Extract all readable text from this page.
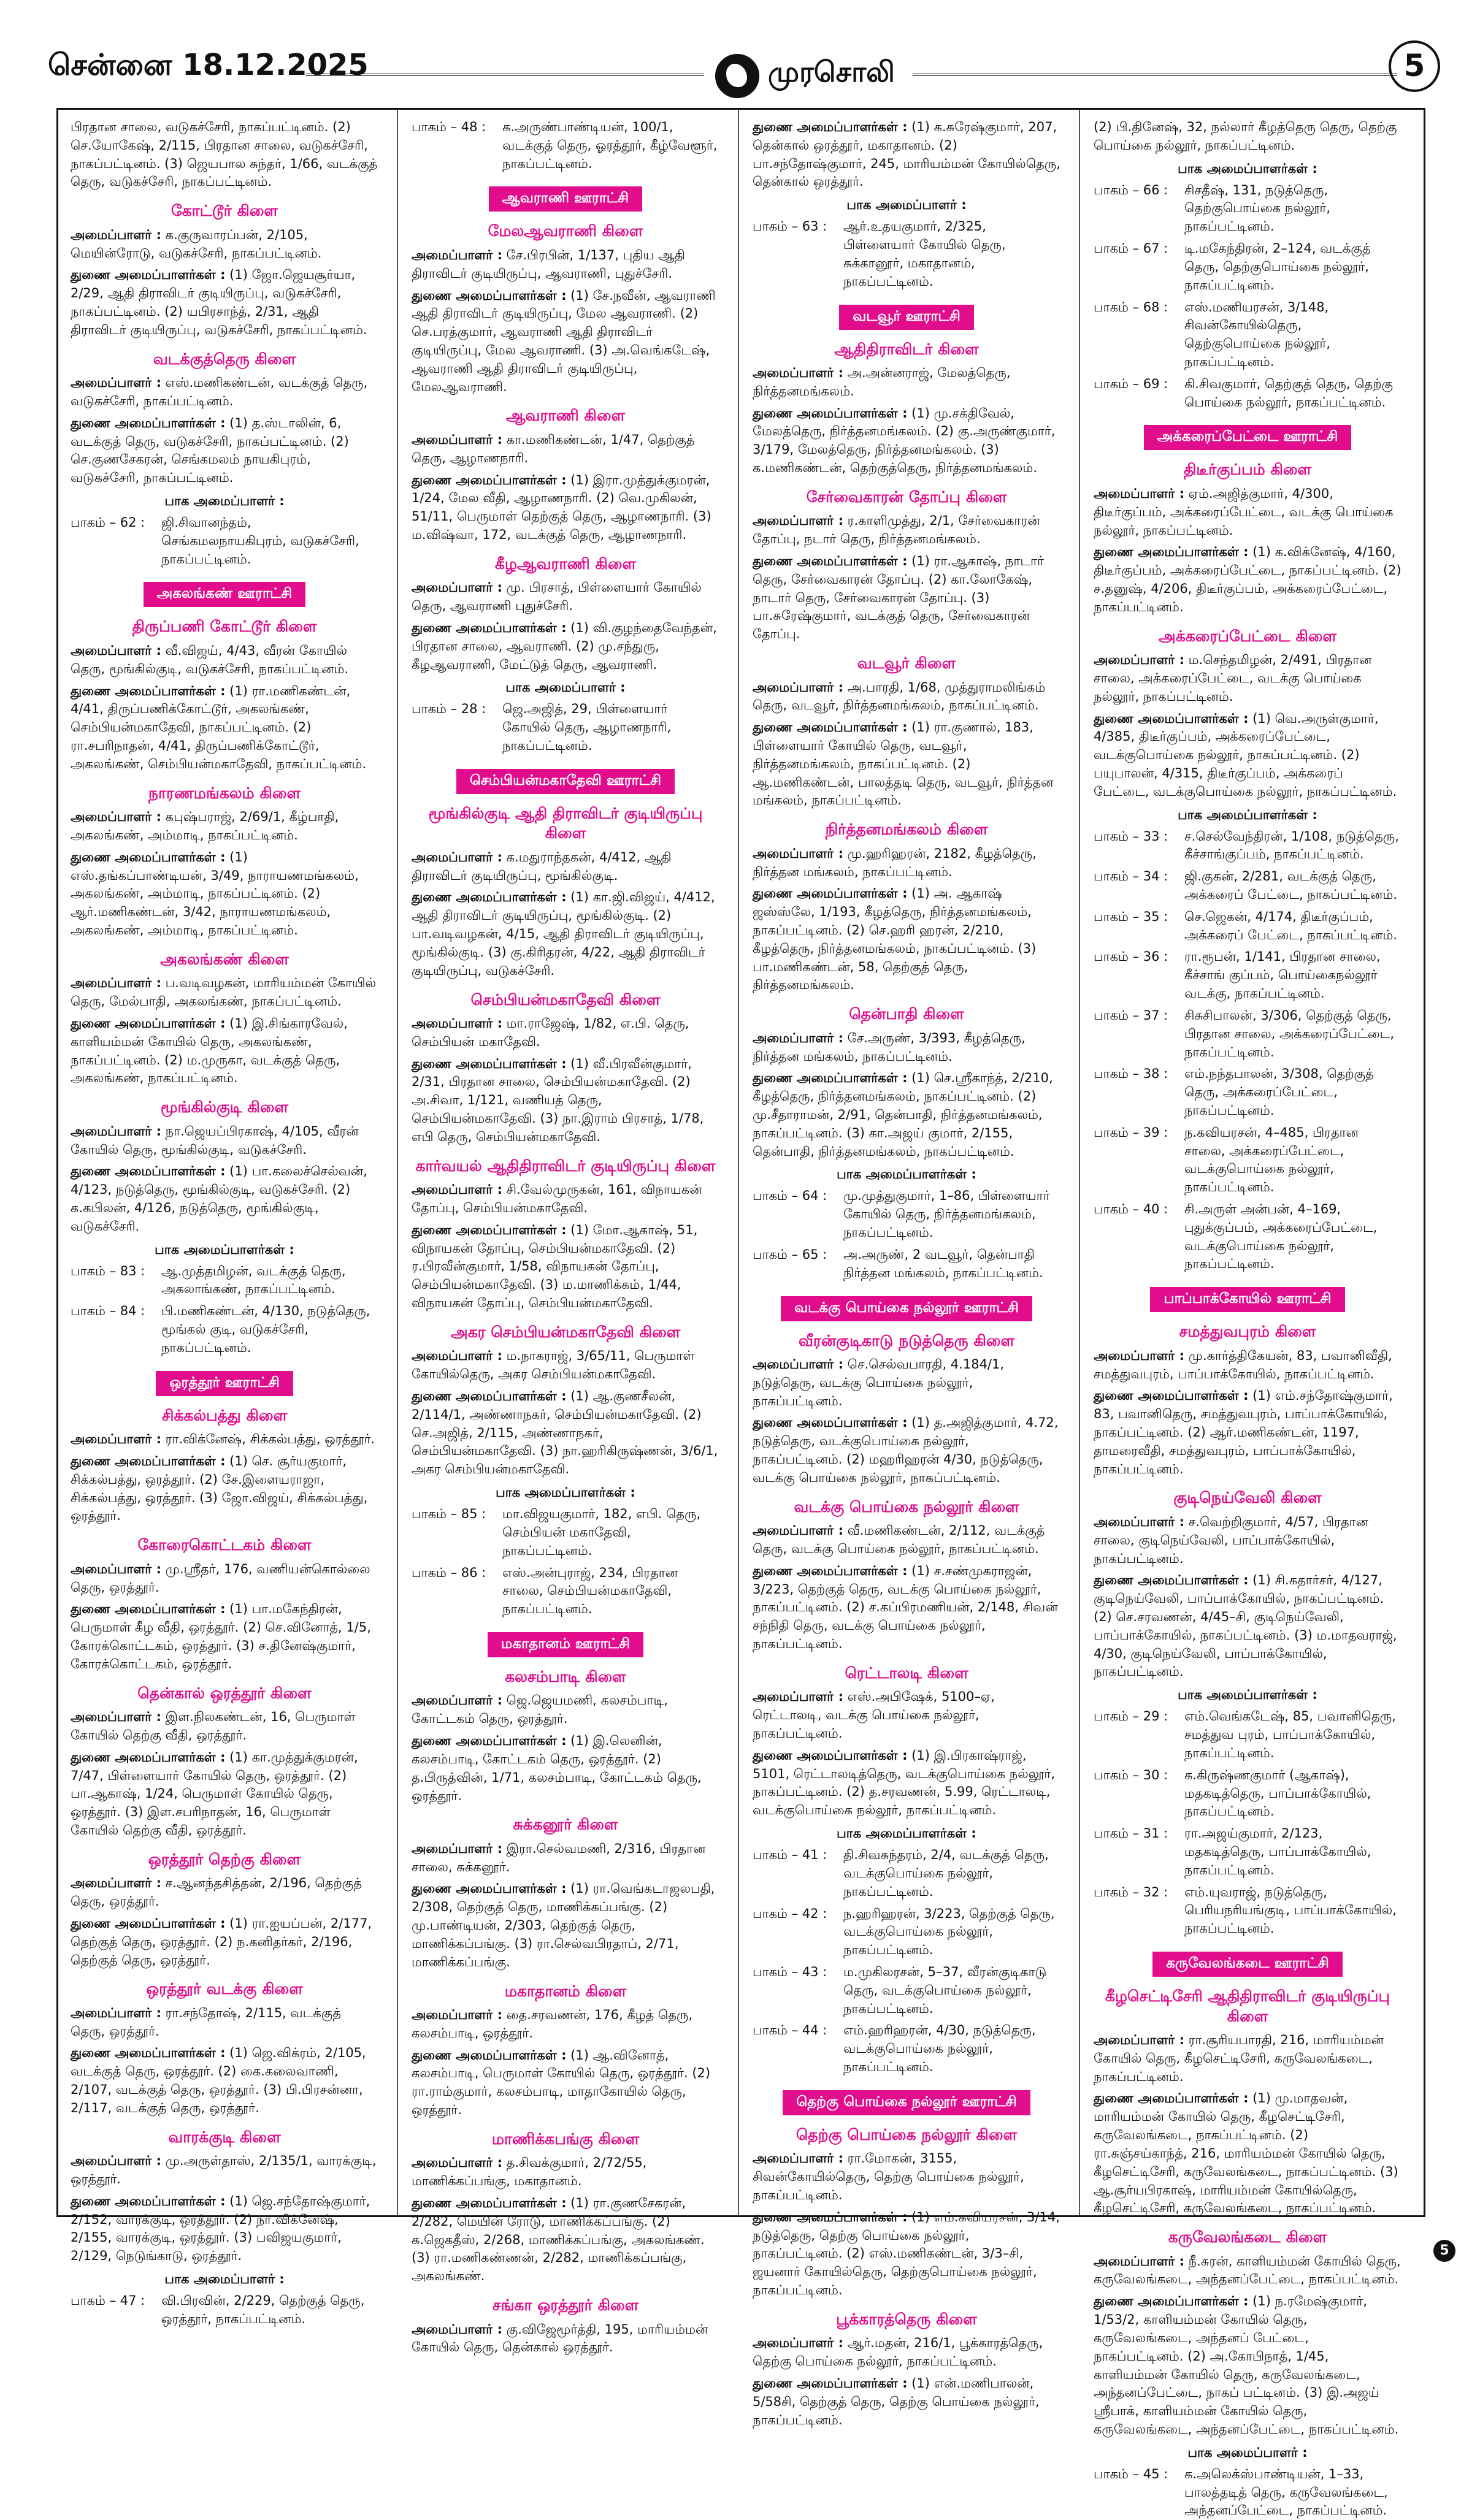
சென்னை 18.12.2025	முரசொலி	5

பிரதான சாலை, வடுகச்சேரி, நாகப்பட்டினம். (2) செ.யோகேஷ், 2/115, பிரதான சாலை, வடுகச்சேரி, நாகப்பட்டினம். (3) ஜெயபால சுந்தர், 1/66, வடக்குத் தெரு, வடுகச்சேரி, நாகப்பட்டினம்.

கோட்டூர் கிளை

அமைப்பாளர் : க.குருவாரப்பன், 2/105, மெயின்ரோடு, வடுகச்சேரி, நாகப்பட்டினம்.

துணை அமைப்பாளர்கள் : (1) ஜோ.ஜெயசூர்யா, 2/29, ஆதி திராவிடர் குடியிருப்பு, வடுகச்சேரி, நாகப்பட்டினம். (2) யபிரசாந்த், 2/31, ஆதி திராவிடர் குடியிருப்பு, வடுகச்சேரி, நாகப்பட்டினம்.

வடக்குத்தெரு கிளை

அமைப்பாளர் : எஸ்.மணிகண்டன், வடக்குத் தெரு, வடுகச்சேரி, நாகப்பட்டினம்.

துணை அமைப்பாளர்கள் : (1) த.ஸ்டாலின், 6, வடக்குத் தெரு, வடுகச்சேரி, நாகப்பட்டினம். (2) செ.குணசேகரன், செங்கமலம் நாயகிபுரம், வடுகச்சேரி, நாகப்பட்டினம்.

பாக அமைப்பாளர் :
பாகம் – 62 :	ஜி.சிவானந்தம், செங்கமலநாயகிபுரம், வடுகச்சேரி, நாகப்பட்டினம்.
அகலங்கண் ஊராட்சி
திருப்பணி கோட்டூர் கிளை

அமைப்பாளர் : வீ.விஜய், 4/43, வீரன் கோயில் தெரு, மூங்கில்குடி, வடுகச்சேரி, நாகப்பட்டினம்.

துணை அமைப்பாளர்கள் : (1) ரா.மணிகண்டன், 4/41, திருப்பணிக்கோட்டூர், அகலங்கண், செம்பியன்மகாதேவி, நாகப்பட்டினம். (2) ரா.சபரிநாதன், 4/41, திருப்பணிக்கோட்டூர், அகலங்கண், செம்பியன்மகாதேவி, நாகப்பட்டினம்.

நாரணமங்கலம் கிளை

அமைப்பாளர் : கபுஷ்பராஜ், 2/69/1, கீழ்பாதி, அகலங்கண், அம்மாடி, நாகப்பட்டினம்.

துணை அமைப்பாளர்கள் : (1) எஸ்.தங்கப்பாண்டியன், 3/49, நாராயணமங்கலம், அகலங்கண், அம்மாடி, நாகப்பட்டினம். (2) ஆர்.மணிகண்டன், 3/42, நாராயணமங்கலம், அகலங்கண், அம்மாடி, நாகப்பட்டினம்.

அகலங்கண் கிளை

அமைப்பாளர் : ப.வடிவழகன், மாரியம்மன் கோயில் தெரு, மேல்பாதி, அகலங்கண், நாகப்பட்டினம்.

துணை அமைப்பாளர்கள் : (1) இ.சிங்காரவேல், காளியம்மன் கோயில் தெரு, அகலங்கண், நாகப்பட்டினம். (2) ம.முருகா, வடக்குத் தெரு, அகலங்கண், நாகப்பட்டினம்.

மூங்கில்குடி கிளை

அமைப்பாளர் : நா.ஜெயப்பிரகாஷ், 4/105, வீரன் கோயில் தெரு, மூங்கில்குடி, வடுகச்சேரி.

துணை அமைப்பாளர்கள் : (1) பா.கலைச்செல்வன், 4/123, நடுத்தெரு, மூங்கில்குடி, வடுகச்சேரி. (2) க.கபிலன், 4/126, நடுத்தெரு, மூங்கில்குடி, வடுகச்சேரி.

பாக அமைப்பாளர்கள் :
பாகம் – 83 :	ஆ.முத்தமிழன், வடக்குத் தெரு, அகலாங்கண், நாகப்பட்டினம்.
பாகம் – 84 :	பி.மணிகண்டன், 4/130, நடுத்தெரு, மூங்கல் குடி, வடுகச்சேரி, நாகப்பட்டினம்.
ஒரத்தூர் ஊராட்சி
சிக்கல்பத்து கிளை

அமைப்பாளர் : ரா.விக்னேஷ், சிக்கல்பத்து, ஒரத்தூர்.

துணை அமைப்பாளர்கள் : (1) செ. சூர்யகுமார், சிக்கல்பத்து, ஒரத்தூர். (2) சே.இளையராஜா, சிக்கல்பத்து, ஒரத்தூர். (3) ஜோ.விஜய், சிக்கல்பத்து, ஒரத்தூர்.

கோரைகொட்டகம் கிளை

அமைப்பாளர் : மு.ஸ்ரீதர், 176, வணியன்கொல்லை தெரு, ஒரத்தூர்.

துணை அமைப்பாளர்கள் : (1) பா.மகேந்திரன், பெருமாள் கீழ வீதி, ஒரத்தூர். (2) செ.வினோத், 1/5, கோரக்கொட்டகம், ஒரத்தூர். (3) ச.தினேஷ்குமார், கோரக்கொட்டகம், ஒரத்தூர்.

தென்கால் ஒரத்தூர் கிளை

அமைப்பாளர் : இள.நிலகண்டன், 16, பெருமாள் கோயில் தெற்கு வீதி, ஒரத்தூர்.

துணை அமைப்பாளர்கள் : (1) கா.முத்துக்குமரன், 7/47, பிள்ளையார் கோயில் தெரு, ஒரத்தூர். (2) பா.ஆகாஷ், 1/24, பெருமாள் கோயில் தெரு, ஒரத்தூர். (3) இள.சபரிநாதன், 16, பெருமாள் கோயில் தெற்கு வீதி, ஒரத்தூர்.

ஒரத்தூர் தெற்கு கிளை

அமைப்பாளர் : ச.ஆனந்தசித்தன், 2/196, தெற்குத் தெரு, ஒரத்தூர்.

துணை அமைப்பாளர்கள் : (1) ரா.ஐயப்பன், 2/177, தெற்குத் தெரு, ஒரத்தூர். (2) ந.கனிதர்கர், 2/196, தெற்குத் தெரு, ஒரத்தூர்.

ஒரத்தூர் வடக்கு கிளை

அமைப்பாளர் : ரா.சந்தோஷ், 2/115, வடக்குத் தெரு, ஒரத்தூர்.

துணை அமைப்பாளர்கள் : (1) ஜெ.விக்ரம், 2/105, வடக்குத் தெரு, ஒரத்தூர். (2) கை.கலைவாணி, 2/107, வடக்குத் தெரு, ஒரத்தூர். (3) பி.பிரசன்னா, 2/117, வடக்குத் தெரு, ஒரத்தூர்.

வாரக்குடி கிளை

அமைப்பாளர் : மு.அருள்தாஸ், 2/135/1, வாரக்குடி, ஒரத்தூர்.

துணை அமைப்பாளர்கள் : (1) ஜெ.சந்தோஷ்குமார், 2/152, வாரக்குடி, ஒரத்தூர். (2) நா.விக்னேஷ், 2/155, வாரக்குடி, ஒரத்தூர். (3) பவிஜயகுமார், 2/129, நெடுங்காடு, ஒரத்தூர்.

பாக அமைப்பாளர் :
பாகம் – 47 :	வி.பிரவின், 2/229, தெற்குத் தெரு, ஒரத்தூர், நாகப்பட்டினம்.
பாகம் – 48 :	க.அருண்பாண்டியன், 100/1, வடக்குத் தெரு, ஓரத்தூர், கீழ்வேளூர், நாகப்பட்டினம்.
ஆவராணி ஊராட்சி
மேலஆவராணி கிளை

அமைப்பாளர் : சே.பிரபின், 1/137, புதிய ஆதி திராவிடர் குடியிருப்பு, ஆவராணி, புதுச்சேரி.

துணை அமைப்பாளர்கள் : (1) சே.நவீன், ஆவராணி ஆதி திராவிடர் குடியிருப்பு, மேல ஆவராணி. (2) செ.பரத்குமார், ஆவராணி ஆதி திராவிடர் குடியிருப்பு, மேல ஆவராணி. (3) அ.வெங்கடேஷ், ஆவராணி ஆதி திராவிடர் குடியிருப்பு, மேலஆவராணி.

ஆவராணி கிளை

அமைப்பாளர் : கா.மணிகண்டன், 1/47, தெற்குத் தெரு, ஆழாணநாரி.

துணை அமைப்பாளர்கள் : (1) இரா.முத்துக்குமரன், 1/24, மேல வீதி, ஆழாணநாரி. (2) வெ.முகிலன், 51/11, பெருமாள் தெற்குத் தெரு, ஆழாணநாரி. (3) ம.விஷ்வா, 172, வடக்குத் தெரு, ஆழாணநாரி.

கீழஆவராணி கிளை

அமைப்பாளர் : மு. பிரசாத், பிள்ளையார் கோயில் தெரு, ஆவராணி புதுச்சேரி.

துணை அமைப்பாளர்கள் : (1) வி.குழந்தைவேந்தன், பிரதான சாலை, ஆவராணி. (2) மு.சந்துரு, கீழஆவராணி, மேட்டுத் தெரு, ஆவராணி.

பாக அமைப்பாளர் :
பாகம் – 28 :	ஜெ.அஜித், 29, பிள்ளையார் கோயில் தெரு, ஆழாணநாரி, நாகப்பட்டினம்.
செம்பியன்மகாதேவி ஊராட்சி
மூங்கில்குடி ஆதி திராவிடர் குடியிருப்பு கிளை

அமைப்பாளர் : க.மதுராந்தகன், 4/412, ஆதி திராவிடர் குடியிருப்பு, மூங்கில்குடி.

துணை அமைப்பாளர்கள் : (1) கா.ஜி.விஜய், 4/412, ஆதி திராவிடர் குடியிருப்பு, மூங்கில்குடி. (2) பா.வடிவழகன், 4/15, ஆதி திராவிடர் குடியிருப்பு, மூங்கில்குடி. (3) கு.கிரிதரன், 4/22, ஆதி திராவிடர் குடியிருப்பு, வடுகச்சேரி.

செம்பியன்மகாதேவி கிளை

அமைப்பாளர் : மா.ராஜேஷ், 1/82, எ.பி. தெரு, செம்பியன் மகாதேவி.

துணை அமைப்பாளர்கள் : (1) வீ.பிரவீன்குமார், 2/31, பிரதான சாலை, செம்பியன்மகாதேவி. (2) அ.சிவா, 1/121, வணியத் தெரு, செம்பியன்மகாதேவி. (3) நா.இராம் பிரசாத், 1/78, எபி தெரு, செம்பியன்மகாதேவி.

கார்வயல் ஆதிதிராவிடர் குடியிருப்பு கிளை

அமைப்பாளர் : சி.வேல்முருகன், 161, விநாயகன் தோப்பு, செம்பியன்மகாதேவி.

துணை அமைப்பாளர்கள் : (1) மோ.ஆகாஷ், 51, விநாயகன் தோப்பு, செம்பியன்மகாதேவி. (2) ர.பிரவீன்குமார், 1/58, விநாயகன் தோப்பு, செம்பியன்மகாதேவி. (3) ம.மாணிக்கம், 1/44, விநாயகன் தோப்பு, செம்பியன்மகாதேவி.

அகர செம்பியன்மகாதேவி கிளை

அமைப்பாளர் : ம.நாகராஜ், 3/65/11, பெருமாள் கோயில்தெரு, அகர செம்பியன்மகாதேவி.

துணை அமைப்பாளர்கள் : (1) ஆ.குணசீலன், 2/114/1, அண்ணாநகர், செம்பியன்மகாதேவி. (2) செ.அஜித், 2/115, அண்ணாநகர், செம்பியன்மகாதேவி. (3) நா.ஹரிகிருஷ்ணன், 3/6/1, அகர செம்பியன்மகாதேவி.

பாக அமைப்பாளர்கள் :
பாகம் – 85 :	மா.விஜயகுமார், 182, எபி. தெரு, செம்பியன் மகாதேவி, நாகப்பட்டினம்.
பாகம் – 86 :	எஸ்.அன்புராஜ், 234, பிரதான சாலை, செம்பியன்மகாதேவி, நாகப்பட்டினம்.
மகாதானம் ஊராட்சி
கலசம்பாடி கிளை

அமைப்பாளர் : ஜெ.ஜெயமணி, கலசம்பாடி, கோட்டகம் தெரு, ஒரத்தூர்.

துணை அமைப்பாளர்கள் : (1) இ.லெனின், கலசம்பாடி, கோட்டகம் தெரு, ஒரத்தூர். (2) த.பிருத்வின், 1/71, கலசம்பாடி, கோட்டகம் தெரு, ஒரத்தூர்.

சுக்கனூர் கிளை

அமைப்பாளர் : இரா.செல்வமணி, 2/316, பிரதான சாலை, சுக்கனூர்.

துணை அமைப்பாளர்கள் : (1) ரா.வெங்கடாஜலபதி, 2/308, தெற்குத் தெரு, மாணிக்கப்பங்கு. (2) மு.பாண்டியன், 2/303, தெற்குத் தெரு, மாணிக்கப்பங்கு. (3) ரா.செல்வபிரதாப், 2/71, மாணிக்கப்பங்கு.

மகாதானம் கிளை

அமைப்பாளர் : தை.சரவணன், 176, கீழத் தெரு, கலசம்பாடி, ஒரத்தூர்.

துணை அமைப்பாளர்கள் : (1) ஆ.வினோத், கலசம்பாடி, பெருமாள் கோயில் தெரு, ஒரத்தூர். (2) ரா.ராம்குமார், கலசம்பாடி, மாதாகோயில் தெரு, ஒரத்தூர்.

மாணிக்கபங்கு கிளை

அமைப்பாளர் : த.சிவக்குமார், 2/72/55, மாணிக்கப்பங்கு, மகாதானம்.

துணை அமைப்பாளர்கள் : (1) ரா.குணசேகரன், 2/282, மெயின் ரோடு, மாணிக்கப்பங்கு. (2) க.ஜெகதீஸ், 2/268, மாணிக்கப்பங்கு, அகலங்கண். (3) ரா.மணிகண்ணன், 2/282, மாணிக்கப்பங்கு, அகலங்கண்.

சங்கா ஒரத்தூர் கிளை

அமைப்பாளர் : கு.விஜேமூர்த்தி, 195, மாரியம்மன் கோயில் தெரு, தென்கால் ஒரத்தூர்.

துணை அமைப்பாளர்கள் : (1) க.சுரேஷ்குமார், 207, தென்கால் ஒரத்தூர், மகாதானம். (2) பா.சந்தோஷ்குமார், 245, மாரியம்மன் கோயில்தெரு, தென்கால் ஒரத்தூர்.

பாக அமைப்பாளர் :
பாகம் – 63 :	ஆர்.உதயகுமார், 2/325, பிள்ளையார் கோயில் தெரு, சுக்கானூர், மகாதானம், நாகப்பட்டினம்.
வடவூர் ஊராட்சி
ஆதிதிராவிடர் கிளை

அமைப்பாளர் : அ.அன்னராஜ், மேலத்தெரு, நிர்த்தனமங்கலம்.

துணை அமைப்பாளர்கள் : (1) மு.சக்திவேல், மேலத்தெரு, நிர்த்தனமங்கலம். (2) கு.அருண்குமார், 3/179, மேலத்தெரு, நிர்த்தனமங்கலம். (3) க.மணிகண்டன், தெற்குத்தெரு, நிர்த்தனமங்கலம்.

சேர்வைகாரன் தோப்பு கிளை

அமைப்பாளர் : ர.காளிமுத்து, 2/1, சேர்வைகாரன் தோப்பு, நடார் தெரு, நிர்த்தனமங்கலம்.

துணை அமைப்பாளர்கள் : (1) ரா.ஆகாஷ், நாடார் தெரு, சேர்வைகாரன் தோப்பு. (2) கா.லோகேஷ், நாடார் தெரு, சேர்வைகாரன் தோப்பு. (3) பா.சுரேஷ்குமார், வடக்குத் தெரு, சேர்வைகாரன் தோப்பு.

வடவூர் கிளை

அமைப்பாளர் : அ.பாரதி, 1/68, முத்துராமலிங்கம் தெரு, வடவூர், நிர்த்தனமங்கலம், நாகப்பட்டினம்.

துணை அமைப்பாளர்கள் : (1) ரா.குணால், 183, பிள்ளையார் கோயில் தெரு, வடவூர், நிர்த்தனமங்கலம், நாகப்பட்டினம். (2) ஆ.மணிகண்டன், பாலத்தடி தெரு, வடவூர், நிர்த்தன மங்கலம், நாகப்பட்டினம்.

நிர்த்தனமங்கலம் கிளை

அமைப்பாளர் : மு.ஹரிஹரன், 2182, கீழத்தெரு, நிர்த்தன மங்கலம், நாகப்பட்டினம்.

துணை அமைப்பாளர்கள் : (1) அ. ஆகாஷ் ஜஸ்ஸ்லே, 1/193, கீழத்தெரு, நிர்த்தனமங்கலம், நாகப்பட்டினம். (2) செ.ஹரி ஹரன், 2/210, கீழத்தெரு, நிர்த்தனமங்கலம், நாகப்பட்டினம். (3) பா.மணிகண்டன், 58, தெற்குத் தெரு, நிர்த்தனமங்கலம்.

தென்பாதி கிளை

அமைப்பாளர் : சே.அருண், 3/393, கீழத்தெரு, நிர்த்தன மங்கலம், நாகப்பட்டினம்.

துணை அமைப்பாளர்கள் : (1) செ.ஸ்ரீகாந்த், 2/210, கீழத்தெரு, நிர்த்தனமங்கலம், நாகப்பட்டினம். (2) மு.சீதாராமன், 2/91, தென்பாதி, நிர்த்தனமங்கலம், நாகப்பட்டினம். (3) கா.அஜய் குமார், 2/155, தென்பாதி, நிர்த்தனமங்கலம், நாகப்பட்டினம்.

பாக அமைப்பாளர்கள் :
பாகம் – 64 :	மு.முத்துகுமார், 1–86, பிள்ளையார் கோயில் தெரு, நிர்த்தனமங்கலம், நாகப்பட்டினம்.
பாகம் – 65 :	அ.அருண், 2 வடவூர், தென்பாதி நிர்த்தன மங்கலம், நாகப்பட்டினம்.
வடக்கு பொய்கை நல்லூர் ஊராட்சி
வீரன்குடிகாடு நடுத்தெரு கிளை

அமைப்பாளர் : செ.செல்வபாரதி, 4.184/1, நடுத்தெரு, வடக்கு பொய்கை நல்லூர், நாகப்பட்டினம்.

துணை அமைப்பாளர்கள் : (1) த.அஜித்குமார், 4.72, நடுத்தெரு, வடக்குபொய்கை நல்லூர், நாகப்பட்டினம். (2) மஹரிஹரன் 4/30, நடுத்தெரு, வடக்கு பொய்கை நல்லூர், நாகப்பட்டினம்.

வடக்கு பொய்கை நல்லூர் கிளை

அமைப்பாளர் : வீ.மணிகண்டன், 2/112, வடக்குத் தெரு, வடக்கு பொய்கை நல்லூர், நாகப்பட்டினம்.

துணை அமைப்பாளர்கள் : (1) ச.சண்முகராஜன், 3/223, தெற்குத் தெரு, வடக்கு பொய்கை நல்லூர், நாகப்பட்டினம். (2) ச.கப்பிரமணியன், 2/148, சிவன் சந்நிதி தெரு, வடக்கு பொய்கை நல்லூர், நாகப்பட்டினம்.

ரெட்டாலடி கிளை

அமைப்பாளர் : எஸ்.அபிஷேக், 5100–ஏ, ரெட்டாலடி, வடக்கு பொய்கை நல்லூர், நாகப்பட்டினம்.

துணை அமைப்பாளர்கள் : (1) இ.பிரகாஷ்ராஜ், 5101, ரெட்டாலடித்தெரு, வடக்குபொய்கை நல்லூர், நாகப்பட்டினம். (2) த.சரவணன், 5.99, ரெட்டாலடி, வடக்குபொய்கை நல்லூர், நாகப்பட்டினம்.

பாக அமைப்பாளர்கள் :
பாகம் – 41 :	தி.சிவசுந்தரம், 2/4, வடக்குத் தெரு, வடக்குபொய்கை நல்லூர், நாகப்பட்டினம்.
பாகம் – 42 :	ந.ஹரிஹரன், 3/223, தெற்குத் தெரு, வடக்குபொய்கை நல்லூர், நாகப்பட்டினம்.
பாகம் – 43 :	ம.முகிலரசன், 5–37, வீரன்குடிகாடு தெரு, வடக்குபொய்கை நல்லூர், நாகப்பட்டினம்.
பாகம் – 44 :	எம்.ஹரிஹரன், 4/30, நடுத்தெரு, வடக்குபொய்கை நல்லூர், நாகப்பட்டினம்.
தெற்கு பொய்கை நல்லூர் ஊராட்சி
தெற்கு பொய்கை நல்லூர் கிளை

அமைப்பாளர் : ரா.மோகன், 3155, சிவன்கோயில்தெரு, தெற்கு பொய்கை நல்லூர், நாகப்பட்டினம்.

துணை அமைப்பாளர்கள் : (1) எம்.கவியரசன், 3/14, நடுத்தெரு, தெற்கு பொய்கை நல்லூர், நாகப்பட்டினம். (2) எஸ்.மணிகண்டன், 3/3–சி, ஜயனார் கோயில்தெரு, தெற்குபொய்கை நல்லூர், நாகப்பட்டினம்.

பூக்காரத்தெரு கிளை

அமைப்பாளர் : ஆர்.மதன், 216/1, பூக்காரத்தெரு, தெற்கு பொய்கை நல்லூர், நாகப்பட்டினம்.

துணை அமைப்பாளர்கள் : (1) என்.மணிபாலன், 5/58சி, தெற்குத் தெரு, தெற்கு பொய்கை நல்லூர், நாகப்பட்டினம்.

(2) பி.தினேஷ், 32, நல்லார் கீழத்தெரு தெரு, தெற்கு பொய்கை நல்லூர், நாகப்பட்டினம்.

பாக அமைப்பாளர்கள் :
பாகம் – 66 :	சிசதீஷ், 131, நடுத்தெரு, தெற்குபொய்கை நல்லூர், நாகப்பட்டினம்.
பாகம் – 67 :	டி.மகேந்திரன், 2–124, வடக்குத் தெரு, தெற்குபொய்கை நல்லூர், நாகப்பட்டினம்.
பாகம் – 68 :	எஸ்.மணியரசன், 3/148, சிவன்கோயில்தெரு, தெற்குபொய்கை நல்லூர், நாகப்பட்டினம்.
பாகம் – 69 :	கி.சிவகுமார், தெற்குத் தெரு, தெற்கு பொய்கை நல்லூர், நாகப்பட்டினம்.
அக்கரைப்பேட்டை ஊராட்சி
திடீர்குப்பம் கிளை

அமைப்பாளர் : ஏம்.அஜித்குமார், 4/300, திடீர்குப்பம், அக்கரைப்பேட்டை, வடக்கு பொய்கை நல்லூர், நாகப்பட்டினம்.

துணை அமைப்பாளர்கள் : (1) க.விக்னேஷ், 4/160, திடீர்குப்பம், அக்கரைப்பேட்டை, நாகப்பட்டினம். (2) ச.தனுஷ், 4/206, திடீர்குப்பம், அக்கரைப்பேட்டை, நாகப்பட்டினம்.

அக்கரைப்பேட்டை கிளை

அமைப்பாளர் : ம.செந்தமிழன், 2/491, பிரதான சாலை, அக்கரைப்பேட்டை, வடக்கு பொய்கை நல்லூர், நாகப்பட்டினம்.

துணை அமைப்பாளர்கள் : (1) வெ.அருள்குமார், 4/385, திடீர்குப்பம், அக்கரைப்பேட்டை, வடக்குபொய்கை நல்லூர், நாகப்பட்டினம். (2) பயுபாலன், 4/315, திடீர்குப்பம், அக்கரைப் பேட்டை, வடக்குபொய்கை நல்லூர், நாகப்பட்டினம்.

பாக அமைப்பாளர்கள் :
பாகம் – 33 :	ச.செல்வேந்திரன், 1/108, நடுத்தெரு, கீச்சாங்குப்பம், நாகப்பட்டினம்.
பாகம் – 34 :	ஜி.குகன், 2/281, வடக்குத் தெரு, அக்கரைப் பேட்டை, நாகப்பட்டினம்.
பாகம் – 35 :	செ.ஜெகன், 4/174, திடீர்குப்பம், அக்கரைப் பேட்டை, நாகப்பட்டினம்.
பாகம் – 36 :	ரா.ரூபன், 1/141, பிரதான சாலை, கீச்சாங் குப்பம், பொய்கைநல்லூர் வடக்கு, நாகப்பட்டினம்.
பாகம் – 37 :	சிசுசிபாலன், 3/306, தெற்குத் தெரு, பிரதான சாலை, அக்கரைப்பேட்டை, நாகப்பட்டினம்.
பாகம் – 38 :	எம்.நந்தபாலன், 3/308, தெற்குத் தெரு, அக்கரைப்பேட்டை, நாகப்பட்டினம்.
பாகம் – 39 :	ந.கவியரசன், 4–485, பிரதான சாலை, அக்கரைப்பேட்டை, வடக்குபொய்கை நல்லூர், நாகப்பட்டினம்.
பாகம் – 40 :	சி.அருள் அன்பன், 4–169, புதுக்குப்பம், அக்கரைப்பேட்டை, வடக்குபொய்கை நல்லூர், நாகப்பட்டினம்.
பாப்பாக்கோயில் ஊராட்சி
சமத்துவபுரம் கிளை

அமைப்பாளர் : மு.கார்த்திகேயன், 83, பவானிவீதி, சமத்துவபுரம், பாப்பாக்கோயில், நாகப்பட்டினம்.

துணை அமைப்பாளர்கள் : (1) எம்.சந்தோஷ்குமார், 83, பவானிதெரு, சமத்துவபுரம், பாப்பாக்கோயில், நாகப்பட்டினம். (2) ஆர்.மணிகண்டன், 1197, தாமரைவீதி, சமத்துவபுரம், பாப்பாக்கோயில், நாகப்பட்டினம்.

குடிநெய்வேலி கிளை

அமைப்பாளர் : ச.வெற்றிகுமார், 4/57, பிரதான சாலை, குடிநெய்வேலி, பாப்பாக்கோயில், நாகப்பட்டினம்.

துணை அமைப்பாளர்கள் : (1) சி.கதார்சர், 4/127, குடிநெய்வேலி, பாப்பாக்கோயில், நாகப்பட்டினம். (2) செ.சரவணன், 4/45–சி, குடிநெய்வேலி, பாப்பாக்கோயில், நாகப்பட்டினம். (3) ம.மாதவராஜ், 4/30, குடிநெய்வேலி, பாப்பாக்கோயில், நாகப்பட்டினம்.

பாக அமைப்பாளர்கள் :
பாகம் – 29 :	எம்.வெங்கடேஷ், 85, பவானிதெரு, சமத்துவ புரம், பாப்பாக்கோயில், நாகப்பட்டினம்.
பாகம் – 30 :	க.கிருஷ்ணகுமார் (ஆகாஷ்), மதகடித்தெரு, பாப்பாக்கோயில், நாகப்பட்டினம்.
பாகம் – 31 :	ரா.அஜய்குமார், 2/123, மதகடித்தெரு, பாப்பாக்கோயில், நாகப்பட்டினம்.
பாகம் – 32 :	எம்.யுவராஜ், நடுத்தெரு, பெரியநரியங்குடி, பாப்பாக்கோயில், நாகப்பட்டினம்.
கருவேலங்கடை ஊராட்சி
கீழசெட்டிசேரி ஆதிதிராவிடர் குடியிருப்பு கிளை

அமைப்பாளர் : ரா.சூரியபாரதி, 216, மாரியம்மன் கோயில் தெரு, கீழசெட்டிசேரி, கருவேலங்கடை, நாகப்பட்டினம்.

துணை அமைப்பாளர்கள் : (1) மு.மாதவன், மாரியம்மன் கோயில் தெரு, கீழசெட்டிசேரி, கருவேலங்கடை, நாகப்பட்டினம். (2) ரா.சுஞ்சய்காந்த், 216, மாரியம்மன் கோயில் தெரு, கீழசெட்டிசேரி, கருவேலங்கடை, நாகப்பட்டினம். (3) ஆ.சூர்யபிரகாஷ், மாரியம்மன் கோயில்தெரு, கீழசெட்டிசேரி, கருவேலங்கடை, நாகப்பட்டினம்.

கருவேலங்கடை கிளை

அமைப்பாளர் : நீ.சுரன், காளியம்மன் கோயில் தெரு, கருவேலங்கடை, அந்தனப்பேட்டை, நாகப்பட்டினம்.

துணை அமைப்பாளர்கள் : (1) ந.ரமேஷ்குமார், 1/53/2, காளியம்மன் கோயில் தெரு, கருவேலங்கடை, அந்தனப் பேட்டை, நாகப்பட்டினம். (2) அ.கோபிநாத், 1/45, காளியம்மன் கோயில் தெரு, கருவேலங்கடை, அந்தனப்பேட்டை, நாகப் பட்டினம். (3) இ.அஜய் ஸ்ரீபாக், காளியம்மன் கோயில் தெரு, கருவேலங்கடை, அந்தனப்பேட்டை, நாகப்பட்டினம்.

பாக அமைப்பாளர் :
பாகம் – 45 :	க.அலெக்ஸ்பாண்டியன், 1–33, பாலத்தடித் தெரு, கருவேலங்கடை, அந்தனப்பேட்டை, நாகப்பட்டினம்.
5
